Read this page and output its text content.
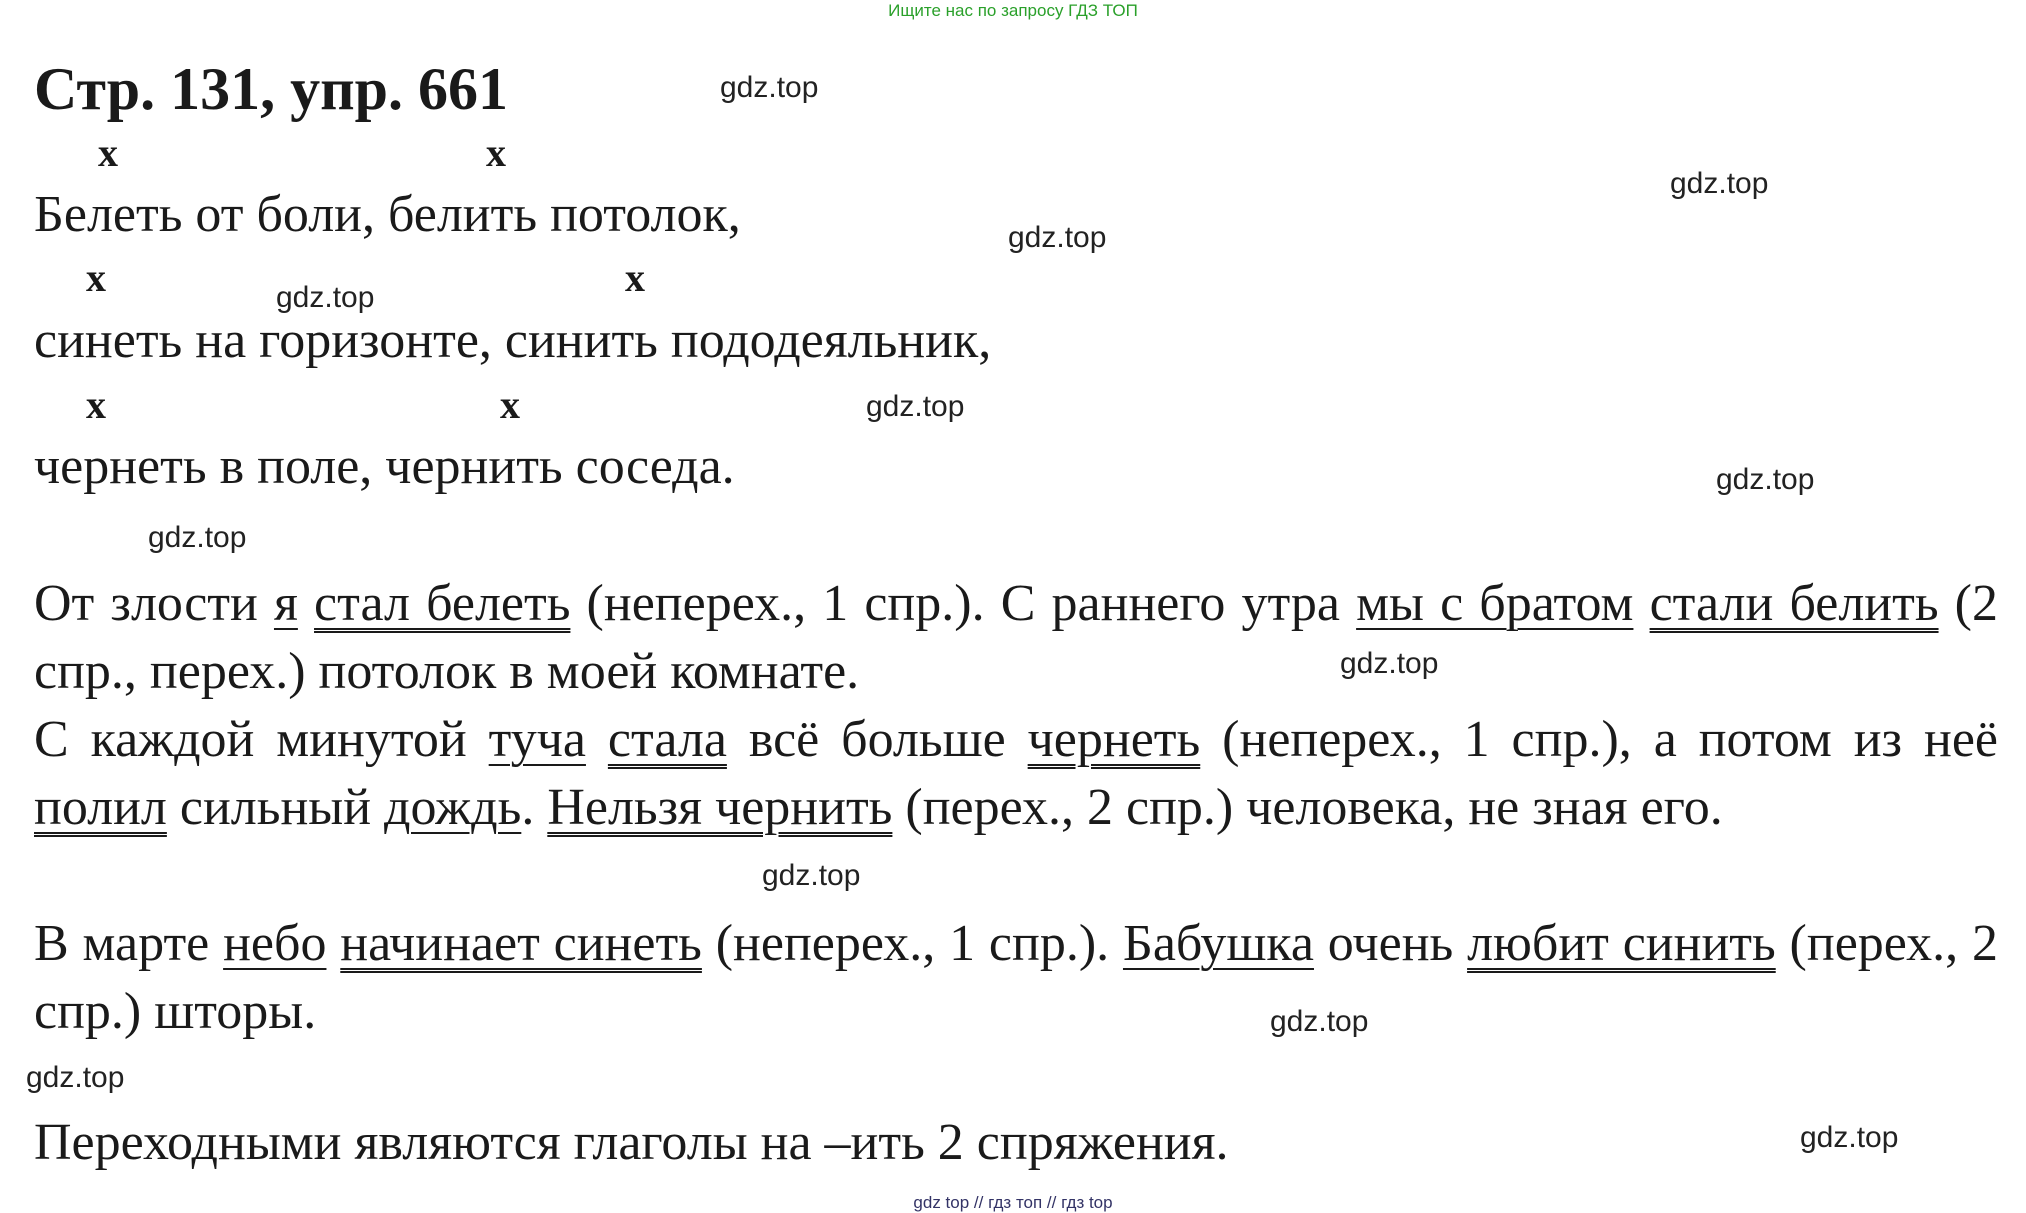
Ищите нас по запросу ГДЗ ТОП
Стр. 131, упр. 661
x	x
x	x
x	x
Белеть от боли, белить потолок,
синеть на горизонте, синить пододеяльник,
чернеть в поле, чернить соседа.
От злости я стал белеть (неперех., 1 спр.). С раннего утра мы с братом стали белить (2 спр., перех.) потолок в моей комнате.
С каждой минутой туча стала всё больше чернеть (неперех., 1 спр.), а потом из неё полил сильный дождь. Нельзя чернить (перех., 2 спр.) человека, не зная его.
В марте небо начинает синеть (неперех., 1 спр.). Бабушка очень любит синить (перех., 2 спр.) шторы.
Переходными являются глаголы на –ить 2 спряжения.
gdz.top
gdz.top
gdz.top
gdz.top
gdz.top
gdz.top
gdz.top
gdz.top
gdz.top
gdz.top
gdz.top
gdz.top
gdz top // гдз топ // гдз top
